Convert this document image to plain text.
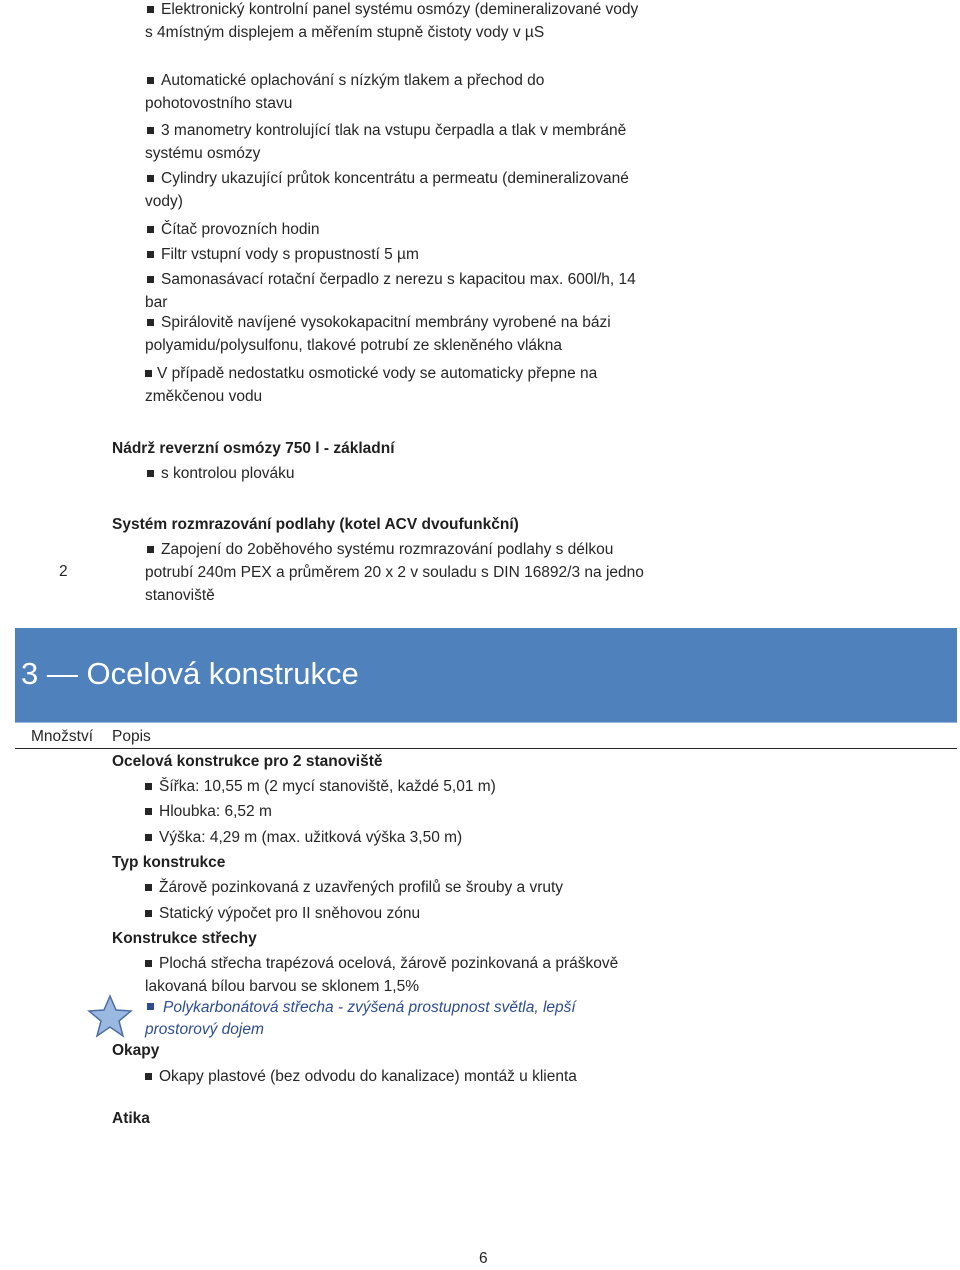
Elektronický kontrolní panel systému osmózy (demineralizované vody
s 4místným displejem a měřením stupně čistoty vody v µS
Automatické oplachování s nízkým tlakem a přechod do
pohotovostního stavu
3 manometry kontrolující tlak na vstupu čerpadla a tlak v membráně
systému osmózy
Cylindry ukazující průtok koncentrátu a permeatu (demineralizované
vody)
Čítač provozních hodin
Filtr vstupní vody s propustností 5 µm
Samonasávací rotační čerpadlo z nerezu s kapacitou max. 600l/h, 14
bar
Spirálovitě navíjené vysokokapacitní membrány vyrobené na bázi
polyamidu/polysulfonu, tlakové potrubí ze skleněného vlákna
V případě nedostatku osmotické vody se automaticky přepne na
změkčenou vodu
Nádrž reverzní osmózy 750 l - základní
s kontrolou plováku
Systém rozmrazování podlahy (kotel ACV dvoufunkční)
Zapojení do 2oběhového systému rozmrazování podlahy s délkou
potrubí 240m PEX a průměrem 20 x 2 v souladu s DIN 16892/3 na jedno
stanoviště
2
3 — Ocelová konstrukce
Množství Popis
Ocelová konstrukce pro 2 stanoviště
Šířka: 10,55 m (2 mycí stanoviště, každé 5,01 m)
Hloubka: 6,52 m
Výška: 4,29 m (max. užitková výška 3,50 m)
Typ konstrukce
Žárově pozinkovaná z uzavřených profilů se šrouby a vruty
Statický výpočet pro II sněhovou zónu
Konstrukce střechy
Plochá střecha trapézová ocelová, žárově pozinkovaná a práškově
lakovaná bílou barvou se sklonem 1,5%
Polykarbonátová střecha - zvýšená prostupnost světla, lepší
prostorový dojem
Okapy
Okapy plastové (bez odvodu do kanalizace) montáž u klienta
Atika
6
